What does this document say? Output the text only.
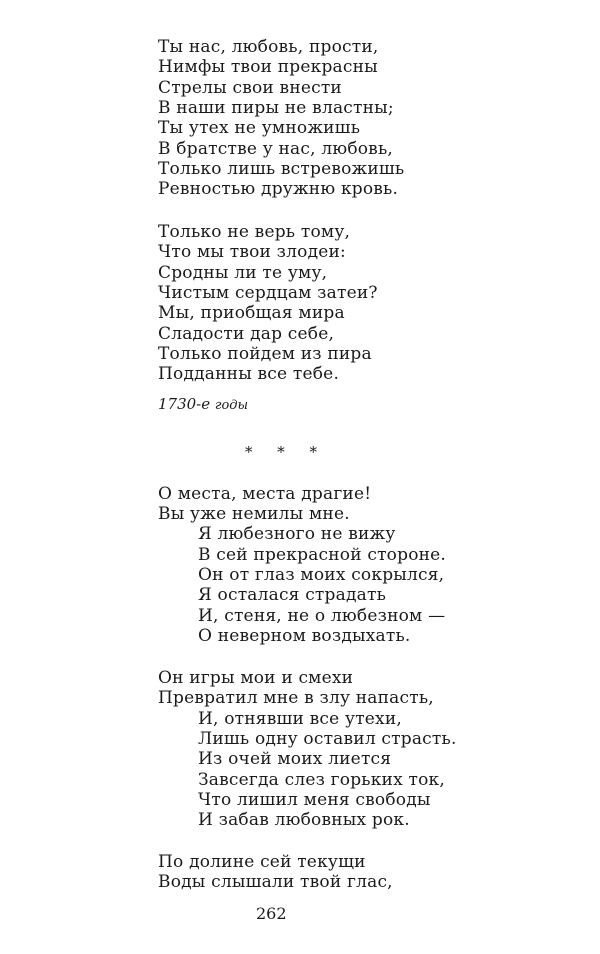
Ты нас, любовь, прости,
Нимфы твои прекрасны
Стрелы свои внести
В наши пиры не властны;
Ты утех не умножишь
В братстве у нас, любовь,
Только лишь встревожишь
Ревностью дружню кровь.
Только не верь тому,
Что мы твои злодеи:
Сродны ли те уму,
Чистым сердцам затеи?
Мы, приобщая мира
Сладости дар себе,
Только пойдем из пира
Подданны все тебе.
1730-е годы
* * *
О места, места драгие!
Вы уже немилы мне.
Я любезного не вижу
В сей прекрасной стороне.
Он от глаз моих сокрылся,
Я осталася страдать
И, стеня, не о любезном —
О неверном воздыхать.
Он игры мои и смехи
Превратил мне в злу напасть,
И, отнявши все утехи,
Лишь одну оставил страсть.
Из очей моих лиется
Завсегда слез горьких ток,
Что лишил меня свободы
И забав любовных рок.
По долине сей текущи
Воды слышали твой глас,
262
